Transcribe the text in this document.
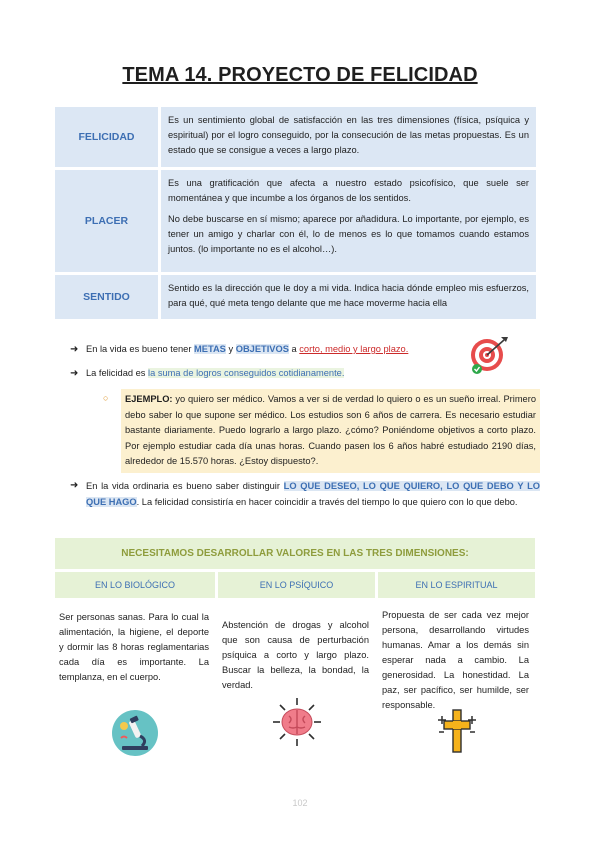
TEMA 14. PROYECTO DE FELICIDAD
FELICIDAD

Es un sentimiento global de satisfacción en las tres dimensiones (física, psíquica y espiritual) por el logro conseguido, por la consecución de las metas propuestas. Es un estado que se consigue a veces a largo plazo.

PLACER

Es una gratificación que afecta a nuestro estado psicofísico, que suele ser momentánea y que incumbe a los órganos de los sentidos.

No debe buscarse en sí mismo; aparece por añadidura. Lo importante, por ejemplo, es tener un amigo y charlar con él, lo de menos es lo que tomamos cuando estamos juntos. (lo importante no es el alcohol…).

SENTIDO

Sentido es la dirección que le doy a mi vida. Indica hacia dónde empleo mis esfuerzos, para qué, qué meta tengo delante que me hace moverme hacia ella

➜ En la vida es bueno tener METAS y OBJETIVOS a corto, medio y largo plazo.
➜ La felicidad es la suma de logros conseguidos cotidianamente.
➜ En la vida ordinaria es bueno saber distinguir LO QUE DESEO, LO QUE QUIERO, LO QUE DEBO Y LO QUE HAGO. La felicidad consistiría en hacer coincidir a través del tiempo lo que quiero con lo que debo.
○	EJEMPLO: yo quiero ser médico. Vamos a ver si de verdad lo quiero o es un sueño irreal. Primero debo saber lo que supone ser médico. Los estudios son 6 años de carrera. Es necesario estudiar bastante diariamente. Puedo lograrlo a largo plazo. ¿cómo? Poniéndome objetivos a corto plazo. Por ejemplo estudiar cada día unas horas. Cuando pasen los 6 años habré estudiado 2190 días, alrededor de 15.570 horas. ¿Estoy dispuesto?.
NECESITAMOS DESARROLLAR VALORES EN LAS TRES DIMENSIONES:
EN LO BIOLÓGICO
Ser personas sanas. Para lo cual la alimentación, la higiene, el deporte y dormir las 8 horas reglamentarias cada día es importante. La templanza, en el cuerpo.
EN LO PSÍQUICO
Abstención de drogas y alcohol que son causa de perturbación psíquica a corto y largo plazo. Buscar la belleza, la bondad, la verdad.
EN LO ESPIRITUAL
Propuesta de ser cada vez mejor persona, desarrollando virtudes humanas. Amar a los demás sin esperar nada a cambio. La generosidad. La honestidad. La paz, ser pacífico, ser humilde, ser responsable.
102
